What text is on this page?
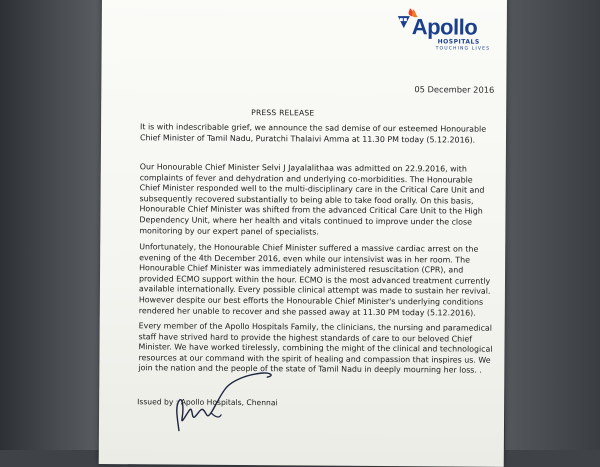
Apollo
HOSPITALS
TOUCHING LIVES
05 December 2016
PRESS RELEASE
It is with indescribable grief, we announce the sad demise of our esteemed Honourable
Chief Minister of Tamil Nadu, Puratchi Thalaivi Amma at 11.30 PM today (5.12.2016).
Our Honourable Chief Minister Selvi J Jayalalithaa was admitted on 22.9.2016, with
complaints of fever and dehydration and underlying co-morbidities. The Honourable
Chief Minister responded well to the multi-disciplinary care in the Critical Care Unit and
subsequently recovered substantially to being able to take food orally. On this basis,
Honourable Chief Minister was shifted from the advanced Critical Care Unit to the High
Dependency Unit, where her health and vitals continued to improve under the close
monitoring by our expert panel of specialists.
Unfortunately, the Honourable Chief Minister suffered a massive cardiac arrest on the
evening of the 4th December 2016, even while our intensivist was in her room. The
Honourable Chief Minister was immediately administered resuscitation (CPR), and
provided ECMO support within the hour. ECMO is the most advanced treatment currently
available internationally. Every possible clinical attempt was made to sustain her revival.
However despite our best efforts the Honourable Chief Minister's underlying conditions
rendered her unable to recover and she passed away at 11.30 PM today (5.12.2016).
Every member of the Apollo Hospitals Family, the clinicians, the nursing and paramedical
staff have strived hard to provide the highest standards of care to our beloved Chief
Minister. We have worked tirelessly, combining the might of the clinical and technological
resources at our command with the spirit of healing and compassion that inspires us. We
join the nation and the people of the state of Tamil Nadu in deeply mourning her loss. .
Issued by : Apollo Hospitals, Chennai
